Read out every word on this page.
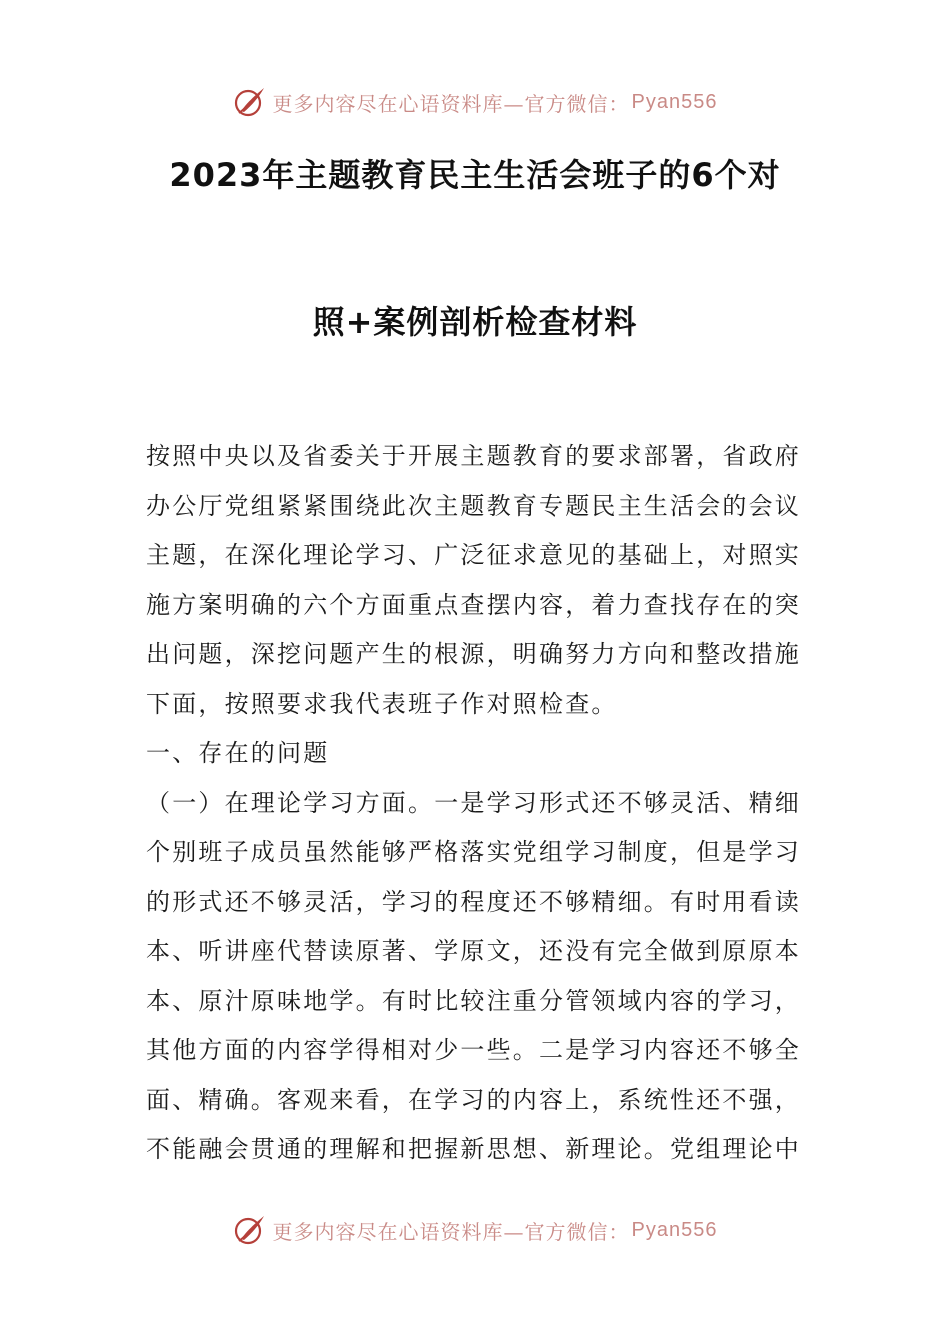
更多内容尽在心语资料库—官方微信： Pyan556
2023年主题教育民主生活会班子的6个对
照+案例剖析检查材料
按照中央以及省委关于开展主题教育的要求部署，省政府
办公厅党组紧紧围绕此次主题教育专题民主生活会的会议
主题，在深化理论学习、广泛征求意见的基础上，对照实
施方案明确的六个方面重点查摆内容，着力查找存在的突
出问题，深挖问题产生的根源，明确努力方向和整改措施
下面，按照要求我代表班子作对照检查。
一、存在的问题
（一）在理论学习方面。一是学习形式还不够灵活、精细
个别班子成员虽然能够严格落实党组学习制度，但是学习
的形式还不够灵活，学习的程度还不够精细。有时用看读
本、听讲座代替读原著、学原文，还没有完全做到原原本
本、原汁原味地学。有时比较注重分管领域内容的学习，
其他方面的内容学得相对少一些。二是学习内容还不够全
面、精确。客观来看，在学习的内容上，系统性还不强，
不能融会贯通的理解和把握新思想、新理论。党组理论中
更多内容尽在心语资料库—官方微信： Pyan556
